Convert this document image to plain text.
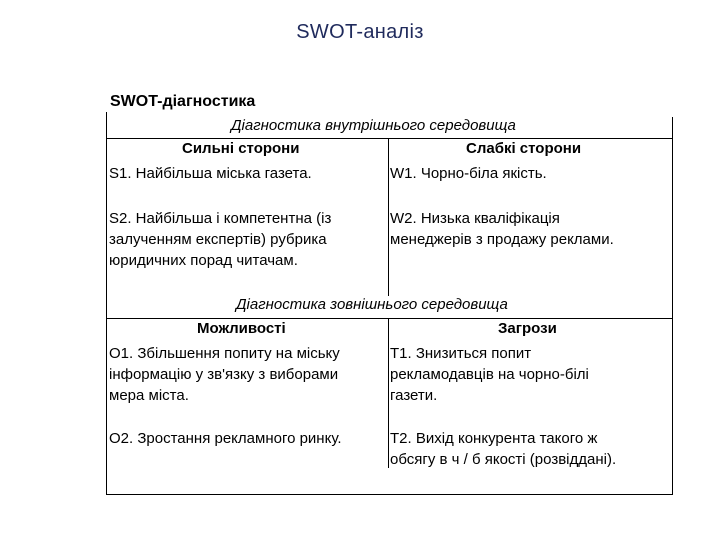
SWOT-аналіз
SWOT-діагностика
Діагностика внутрішнього середовища
Сильні сторони	Слабкі сторони
S1. Найбільша міська газета.
S2. Найбільша і компетентна (із
залученням експертів) рубрика
юридичних порад читачам.
W1. Чорно-біла якість.
W2. Низька кваліфікація
менеджерів з продажу реклами.
Діагностика зовнішнього середовища
Можливості	Загрози
O1. Збільшення попиту на міську
інформацію у зв'язку з виборами
мера міста.
O2. Зростання рекламного ринку.
T1. Знизиться попит
рекламодавців на чорно-білі
газети.
T2. Вихід конкурента такого ж
обсягу в ч / б якості (розвіддані).
